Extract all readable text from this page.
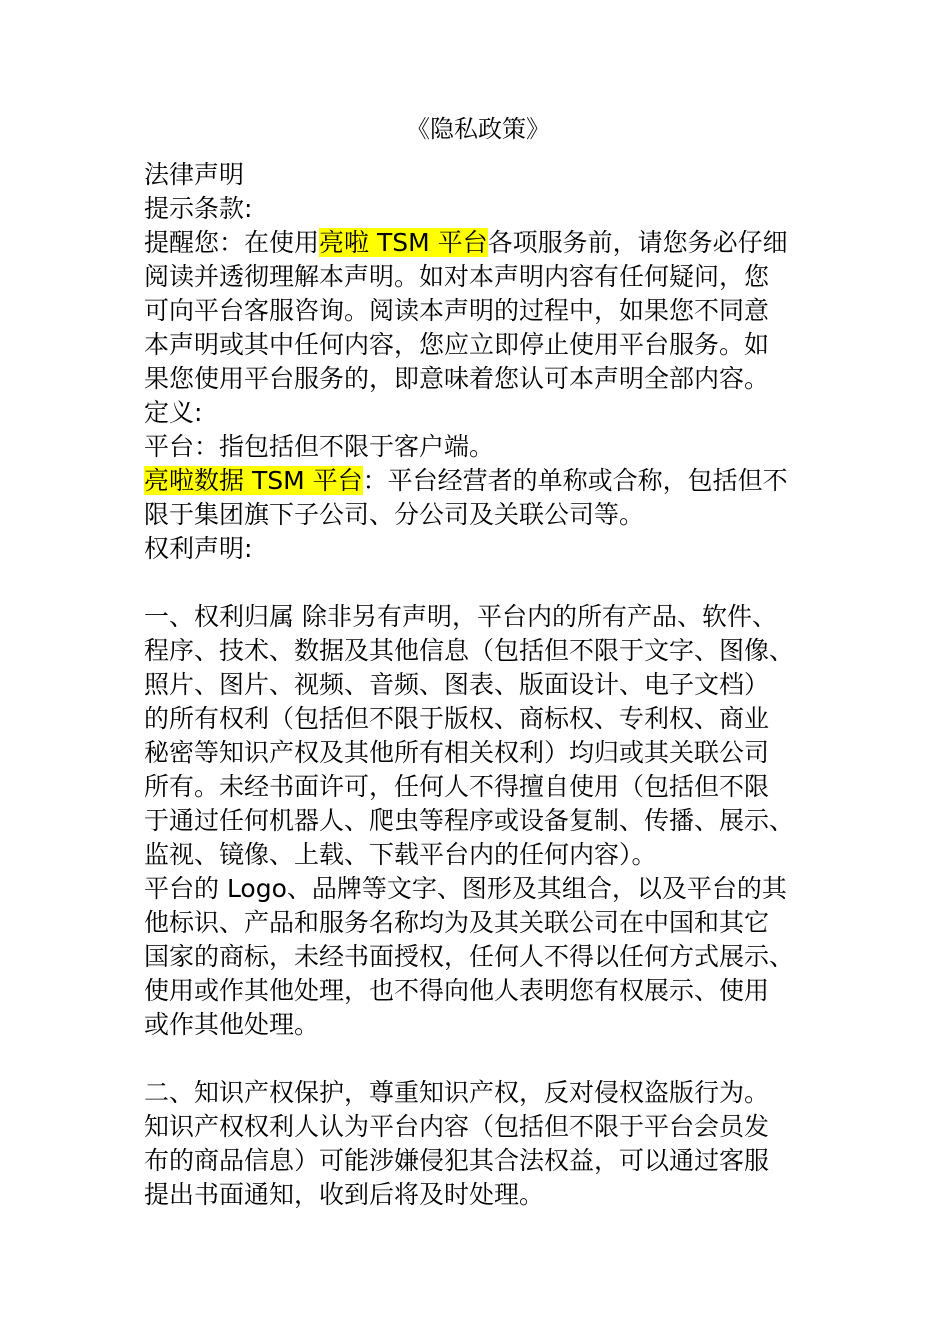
《隐私政策》

法律声明

提示条款:

提醒您：在使用亮啦 TSM 平台各项服务前，请您务必仔细

阅读并透彻理解本声明。如对本声明内容有任何疑问，您

可向平台客服咨询。阅读本声明的过程中，如果您不同意

本声明或其中任何内容，您应立即停止使用平台服务。如

果您使用平台服务的，即意味着您认可本声明全部内容。

定义:

平台：指包括但不限于客户端。

亮啦数据 TSM 平台：平台经营者的单称或合称，包括但不

限于集团旗下子公司、分公司及关联公司等。

权利声明:

一、权利归属 除非另有声明，平台内的所有产品、软件、

程序、技术、数据及其他信息（包括但不限于文字、图像、

照片、图片、视频、音频、图表、版面设计、电子文档）

的所有权利（包括但不限于版权、商标权、专利权、商业

秘密等知识产权及其他所有相关权利）均归或其关联公司

所有。未经书面许可，任何人不得擅自使用（包括但不限

于通过任何机器人、爬虫等程序或设备复制、传播、展示、

监视、镜像、上载、下载平台内的任何内容）。

平台的 Logo、品牌等文字、图形及其组合，以及平台的其

他标识、产品和服务名称均为及其关联公司在中国和其它

国家的商标，未经书面授权，任何人不得以任何方式展示、

使用或作其他处理，也不得向他人表明您有权展示、使用

或作其他处理。

二、知识产权保护，尊重知识产权，反对侵权盗版行为。

知识产权权利人认为平台内容（包括但不限于平台会员发

布的商品信息）可能涉嫌侵犯其合法权益，可以通过客服

提出书面通知，收到后将及时处理。
